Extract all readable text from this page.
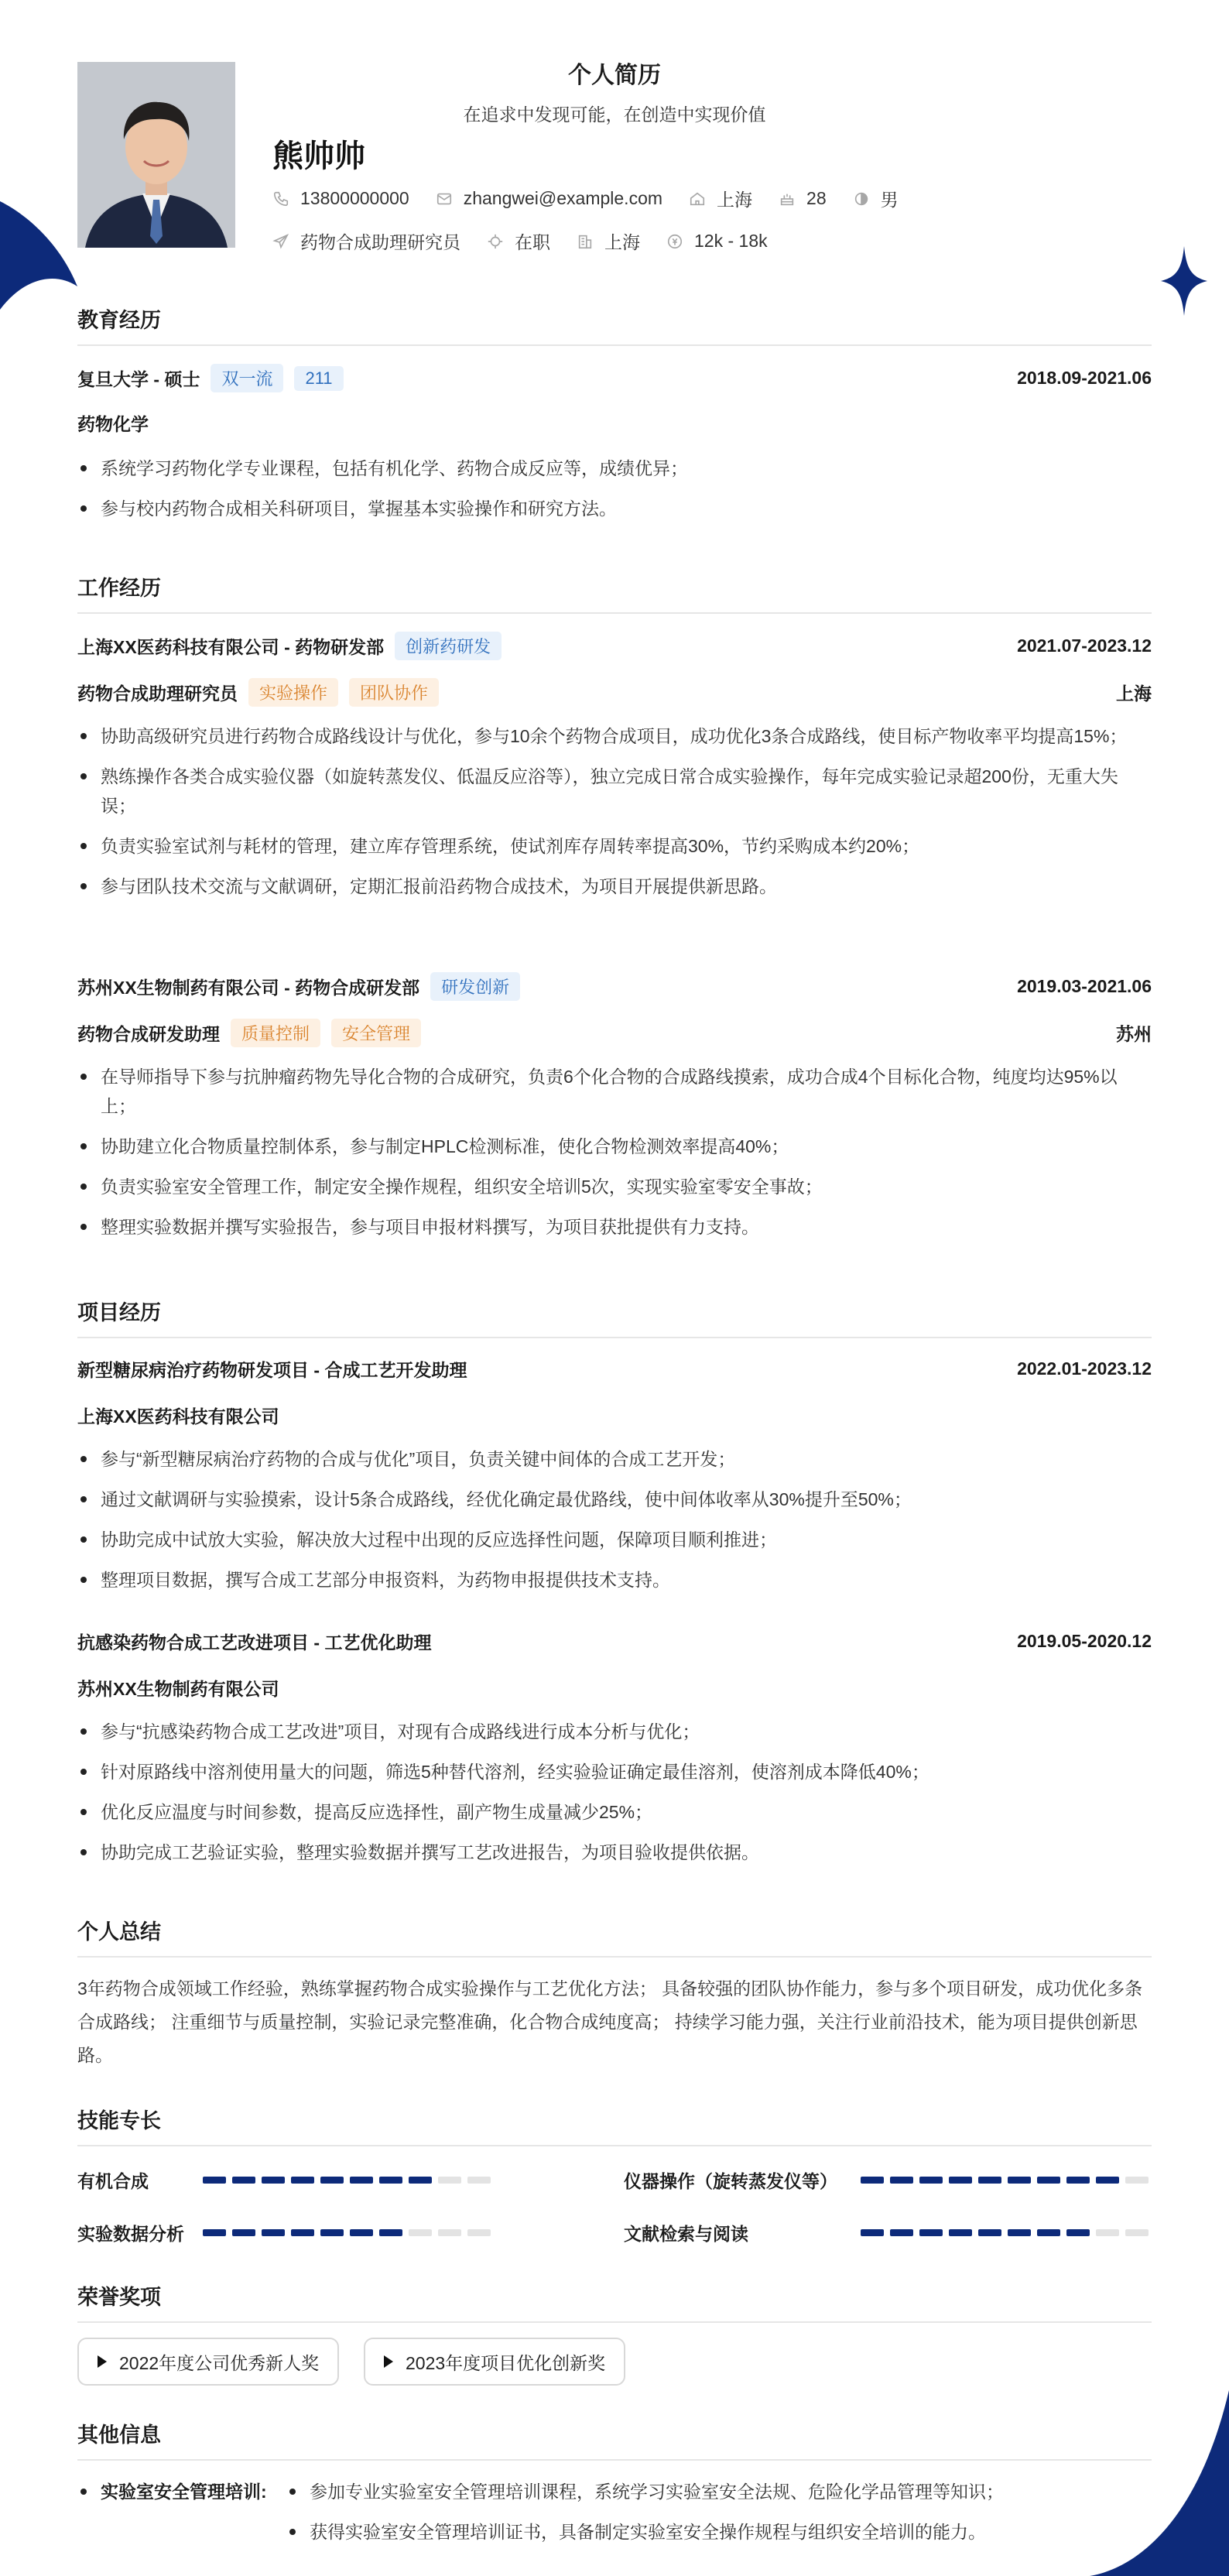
个人简历
在追求中发现可能，在创造中实现价值
熊帅帅
13800000000	zhangwei@example.com	上海	28	男
药物合成助理研究员	在职	上海	12k - 18k
教育经历
复旦大学 - 硕士	双一流	211	2018.09-2021.06
药物化学
系统学习药物化学专业课程，包括有机化学、药物合成反应等，成绩优异；
参与校内药物合成相关科研项目，掌握基本实验操作和研究方法。
工作经历
上海XX医药科技有限公司 - 药物研发部	创新药研发	2021.07-2023.12
药物合成助理研究员	实验操作	团队协作	上海
协助高级研究员进行药物合成路线设计与优化，参与10余个药物合成项目，成功优化3条合成路线，使目标产物收率平均提高15%；
熟练操作各类合成实验仪器（如旋转蒸发仪、低温反应浴等），独立完成日常合成实验操作，每年完成实验记录超200份，无重大失误；
负责实验室试剂与耗材的管理，建立库存管理系统，使试剂库存周转率提高30%，节约采购成本约20%；
参与团队技术交流与文献调研，定期汇报前沿药物合成技术，为项目开展提供新思路。
苏州XX生物制药有限公司 - 药物合成研发部	研发创新	2019.03-2021.06
药物合成研发助理	质量控制	安全管理	苏州
在导师指导下参与抗肿瘤药物先导化合物的合成研究，负责6个化合物的合成路线摸索，成功合成4个目标化合物，纯度均达95%以上；
协助建立化合物质量控制体系，参与制定HPLC检测标准，使化合物检测效率提高40%；
负责实验室安全管理工作，制定安全操作规程，组织安全培训5次，实现实验室零安全事故；
整理实验数据并撰写实验报告，参与项目申报材料撰写，为项目获批提供有力支持。
项目经历
新型糖尿病治疗药物研发项目 - 合成工艺开发助理	2022.01-2023.12
上海XX医药科技有限公司
参与“新型糖尿病治疗药物的合成与优化”项目，负责关键中间体的合成工艺开发；
通过文献调研与实验摸索，设计5条合成路线，经优化确定最优路线，使中间体收率从30%提升至50%；
协助完成中试放大实验，解决放大过程中出现的反应选择性问题，保障项目顺利推进；
整理项目数据，撰写合成工艺部分申报资料，为药物申报提供技术支持。
抗感染药物合成工艺改进项目 - 工艺优化助理	2019.05-2020.12
苏州XX生物制药有限公司
参与“抗感染药物合成工艺改进”项目，对现有合成路线进行成本分析与优化；
针对原路线中溶剂使用量大的问题，筛选5种替代溶剂，经实验验证确定最佳溶剂，使溶剂成本降低40%；
优化反应温度与时间参数，提高反应选择性，副产物生成量减少25%；
协助完成工艺验证实验，整理实验数据并撰写工艺改进报告，为项目验收提供依据。
个人总结
3年药物合成领域工作经验，熟练掌握药物合成实验操作与工艺优化方法； 具备较强的团队协作能力，参与多个项目研发，成功优化多条合成路线； 注重细节与质量控制，实验记录完整准确，化合物合成纯度高； 持续学习能力强，关注行业前沿技术，能为项目提供创新思路。
技能专长
有机合成	仪器操作（旋转蒸发仪等）
实验数据分析	文献检索与阅读
荣誉奖项
2022年度公司优秀新人奖	2023年度项目优化创新奖
其他信息
实验室安全管理培训:	参加专业实验室安全管理培训课程，系统学习实验室安全法规、危险化学品管理等知识；
获得实验室安全管理培训证书，具备制定实验室安全操作规程与组织安全培训的能力。
